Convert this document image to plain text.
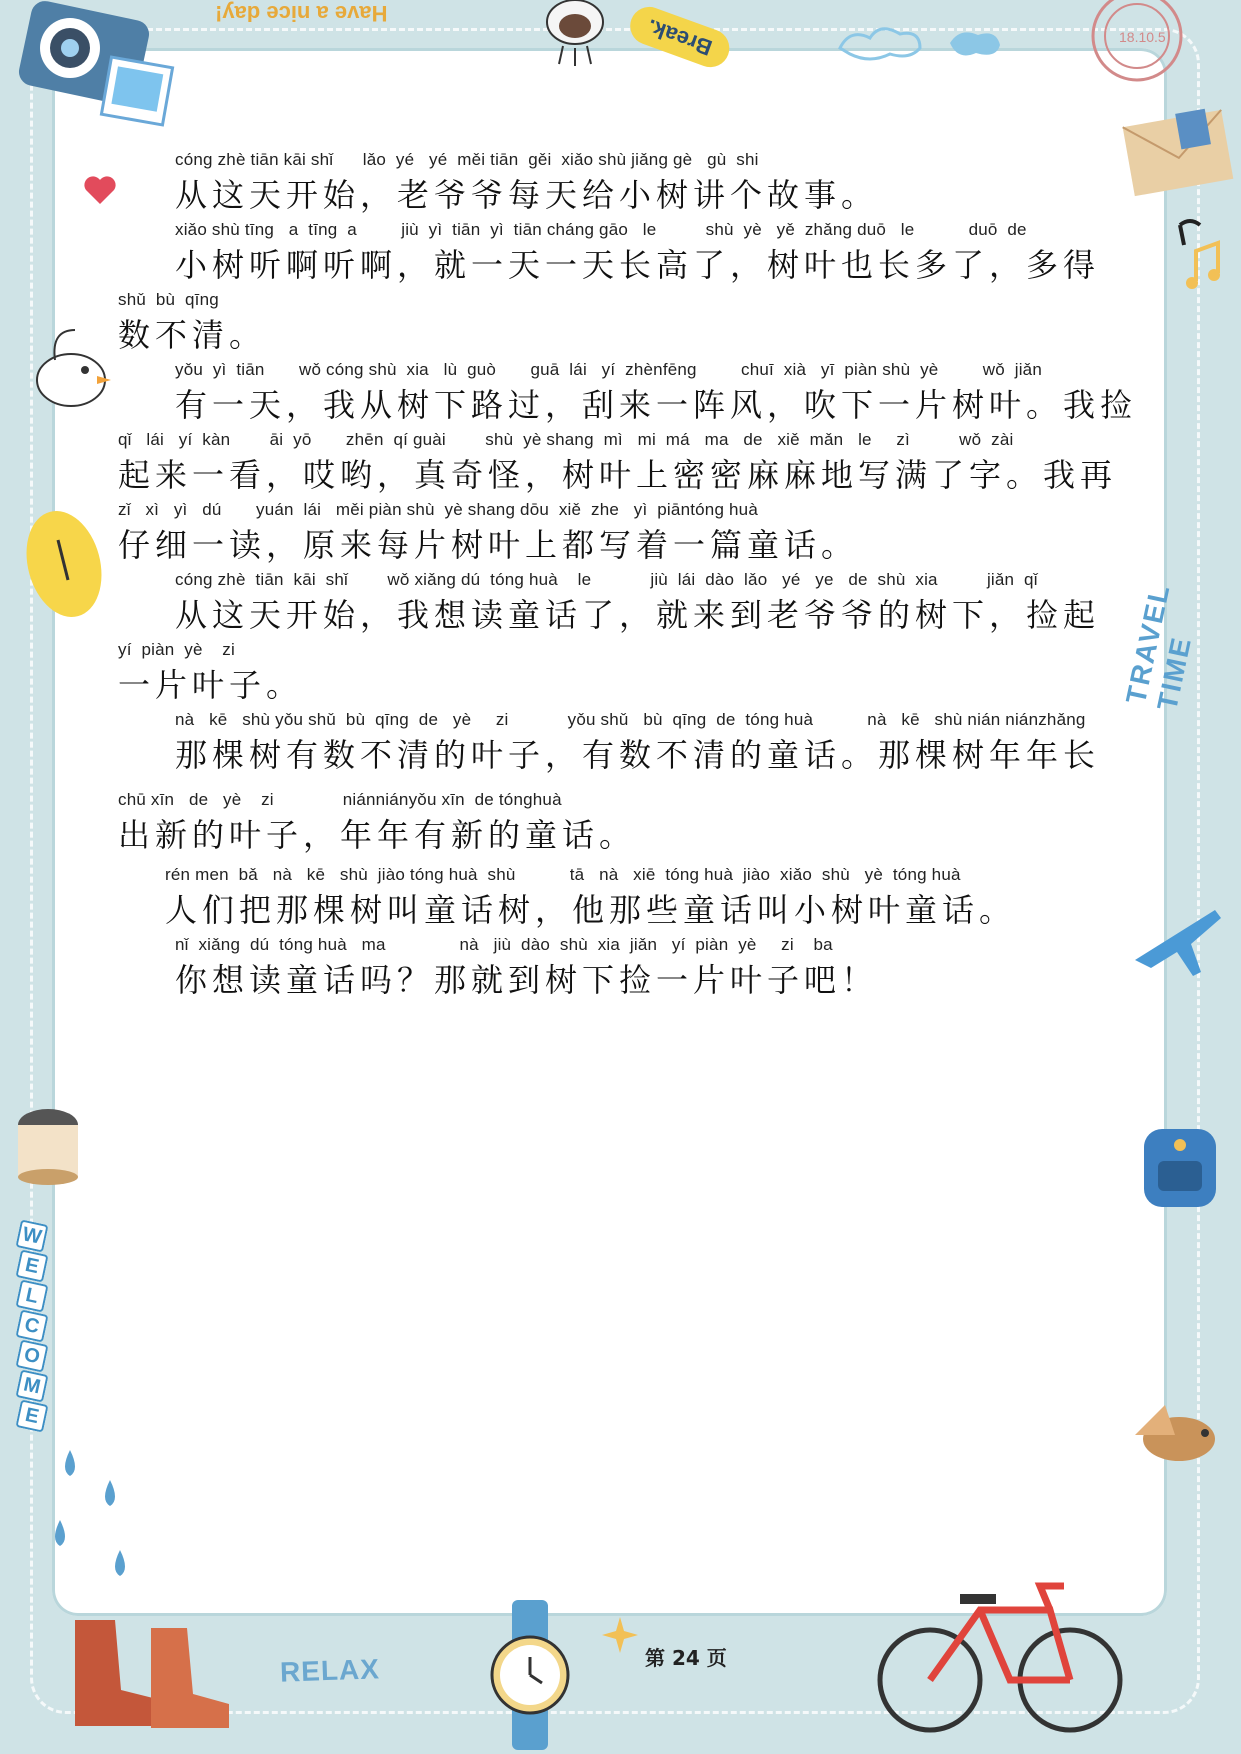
Have a nice day!
Break.	18.10.5
W
E
L
C
O
M
E
TRAVEL TIME
RELAX
cóng zhè tiān kāi shǐ      lǎo  yé   yé  měi tiān  gěi  xiǎo shù jiǎng gè   gù  shi
从这天开始，老爷爷每天给小树讲个故事。
xiǎo shù tīng   a  tīng  a         jiù  yì  tiān  yì  tiān cháng gāo   le          shù  yè   yě  zhǎng duō   le           duō  de
小树听啊听啊，就一天一天长高了，树叶也长多了，多得
shǔ  bù  qīng
数不清。
yǒu  yì  tiān       wǒ cóng shù  xia   lù  guò       guā  lái   yí  zhènfēng         chuī  xià   yī  piàn shù  yè         wǒ  jiǎn
有一天，我从树下路过，刮来一阵风，吹下一片树叶。我捡
qǐ   lái   yí  kàn        āi  yō       zhēn  qí guài        shù  yè shang  mì   mi  má   ma   de   xiě  mǎn   le     zì          wǒ  zài
起来一看，哎哟，真奇怪，树叶上密密麻麻地写满了字。我再
zǐ   xì   yì   dú       yuán  lái   měi piàn shù  yè shang dōu  xiě  zhe   yì  piāntóng huà
仔细一读，原来每片树叶上都写着一篇童话。
cóng zhè  tiān  kāi  shǐ        wǒ xiǎng dú  tóng huà    le            jiù  lái  dào  lǎo   yé   ye   de  shù  xia          jiǎn  qǐ
从这天开始，我想读童话了，就来到老爷爷的树下，捡起
yí  piàn  yè    zi
一片叶子。
nà   kē   shù yǒu shǔ  bù  qīng  de   yè     zi            yǒu shǔ   bù  qīng  de  tóng huà           nà   kē   shù nián niánzhǎng
那棵树有数不清的叶子，有数不清的童话。那棵树年年长
chū xīn   de   yè    zi              niánniányǒu xīn  de tónghuà
出新的叶子，年年有新的童话。
rén men  bǎ   nà   kē   shù  jiào tóng huà  shù           tā   nà   xiē  tóng huà  jiào  xiǎo  shù   yè  tóng huà
人们把那棵树叫童话树，他那些童话叫小树叶童话。
nǐ  xiǎng  dú  tóng huà   ma               nà   jiù  dào  shù  xia  jiǎn   yí  piàn  yè     zi    ba
你想读童话吗？那就到树下捡一片叶子吧！
第 24 页
